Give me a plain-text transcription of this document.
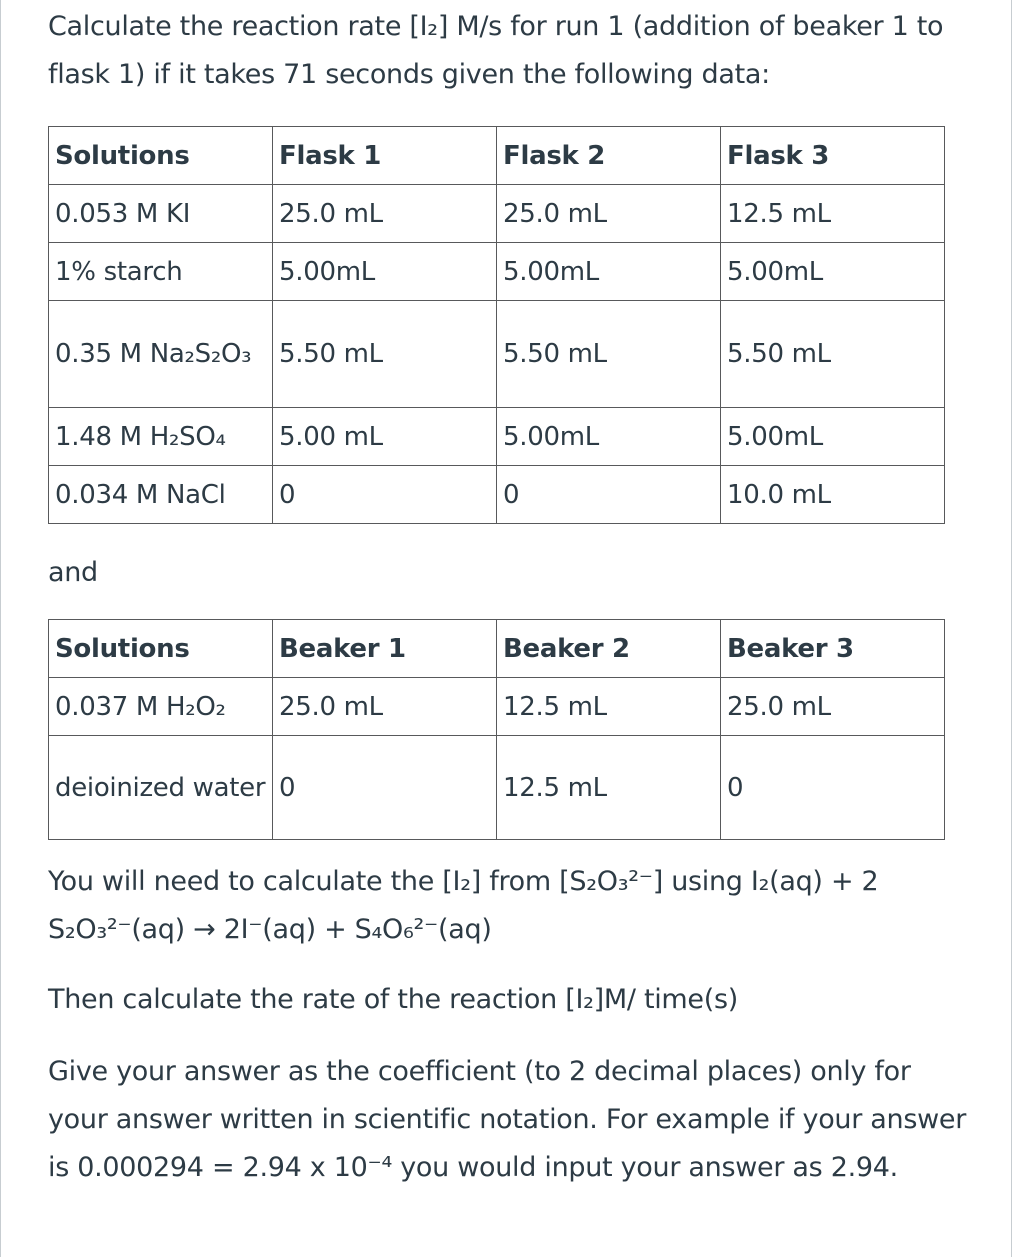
Calculate the reaction rate [I₂] M/s for run 1 (addition of beaker 1 to flask 1) if it takes 71 seconds given the following data:

Solutions	Flask 1	Flask 2	Flask 3
0.053 M KI	25.0 mL	25.0 mL	12.5 mL
1% starch	5.00mL	5.00mL	5.00mL
0.35 M Na₂S₂O₃	5.50 mL	5.50 mL	5.50 mL
1.48 M H₂SO₄	5.00 mL	5.00mL	5.00mL
0.034 M NaCl	0	0	10.0 mL

and

Solutions	Beaker 1	Beaker 2	Beaker 3
0.037 M H₂O₂	25.0 mL	12.5 mL	25.0 mL
deioinized water	0	12.5 mL	0

You will need to calculate the [I₂] from [S₂O₃²⁻] using I₂(aq) + 2 S₂O₃²⁻(aq) → 2I⁻(aq) + S₄O₆²⁻(aq)

Then calculate the rate of the reaction [I₂]M/ time(s)

Give your answer as the coefficient (to 2 decimal places) only for your answer written in scientific notation. For example if your answer is 0.000294 = 2.94 x 10⁻⁴ you would input your answer as 2.94.
